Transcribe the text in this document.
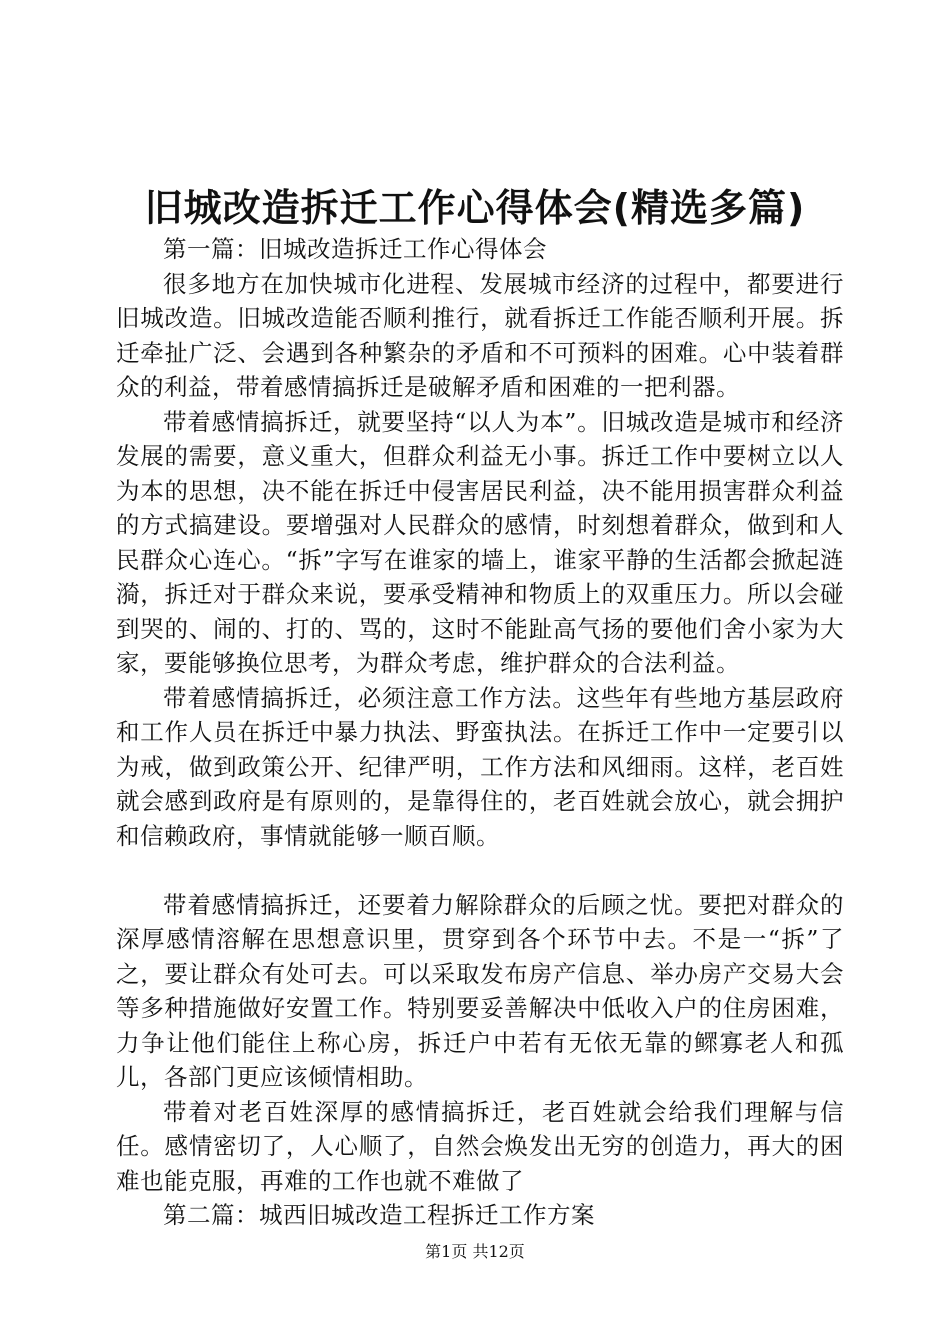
旧城改造拆迁工作心得体会(精选多篇)

第一篇：旧城改造拆迁工作心得体会

很多地方在加快城市化进程、发展城市经济的过程中，都要进行旧城改造。旧城改造能否顺利推行，就看拆迁工作能否顺利开展。拆迁牵扯广泛、会遇到各种繁杂的矛盾和不可预料的困难。心中装着群众的利益，带着感情搞拆迁是破解矛盾和困难的一把利器。

带着感情搞拆迁，就要坚持“以人为本”。旧城改造是城市和经济发展的需要，意义重大，但群众利益无小事。拆迁工作中要树立以人为本的思想，决不能在拆迁中侵害居民利益，决不能用损害群众利益的方式搞建设。要增强对人民群众的感情，时刻想着群众，做到和人民群众心连心。“拆”字写在谁家的墙上，谁家平静的生活都会掀起涟漪，拆迁对于群众来说，要承受精神和物质上的双重压力。所以会碰到哭的、闹的、打的、骂的，这时不能趾高气扬的要他们舍小家为大家，要能够换位思考，为群众考虑，维护群众的合法利益。

带着感情搞拆迁，必须注意工作方法。这些年有些地方基层政府和工作人员在拆迁中暴力执法、野蛮执法。在拆迁工作中一定要引以为戒，做到政策公开、纪律严明，工作方法和风细雨。这样，老百姓就会感到政府是有原则的，是靠得住的，老百姓就会放心，就会拥护和信赖政府，事情就能够一顺百顺。

带着感情搞拆迁，还要着力解除群众的后顾之忧。要把对群众的深厚感情溶解在思想意识里，贯穿到各个环节中去。不是一“拆”了之，要让群众有处可去。可以采取发布房产信息、举办房产交易大会等多种措施做好安置工作。特别要妥善解决中低收入户的住房困难，力争让他们能住上称心房，拆迁户中若有无依无靠的鳏寡老人和孤儿，各部门更应该倾情相助。

带着对老百姓深厚的感情搞拆迁，老百姓就会给我们理解与信任。感情密切了，人心顺了，自然会焕发出无穷的创造力，再大的困难也能克服，再难的工作也就不难做了

第二篇：城西旧城改造工程拆迁工作方案

第1页 共12页
